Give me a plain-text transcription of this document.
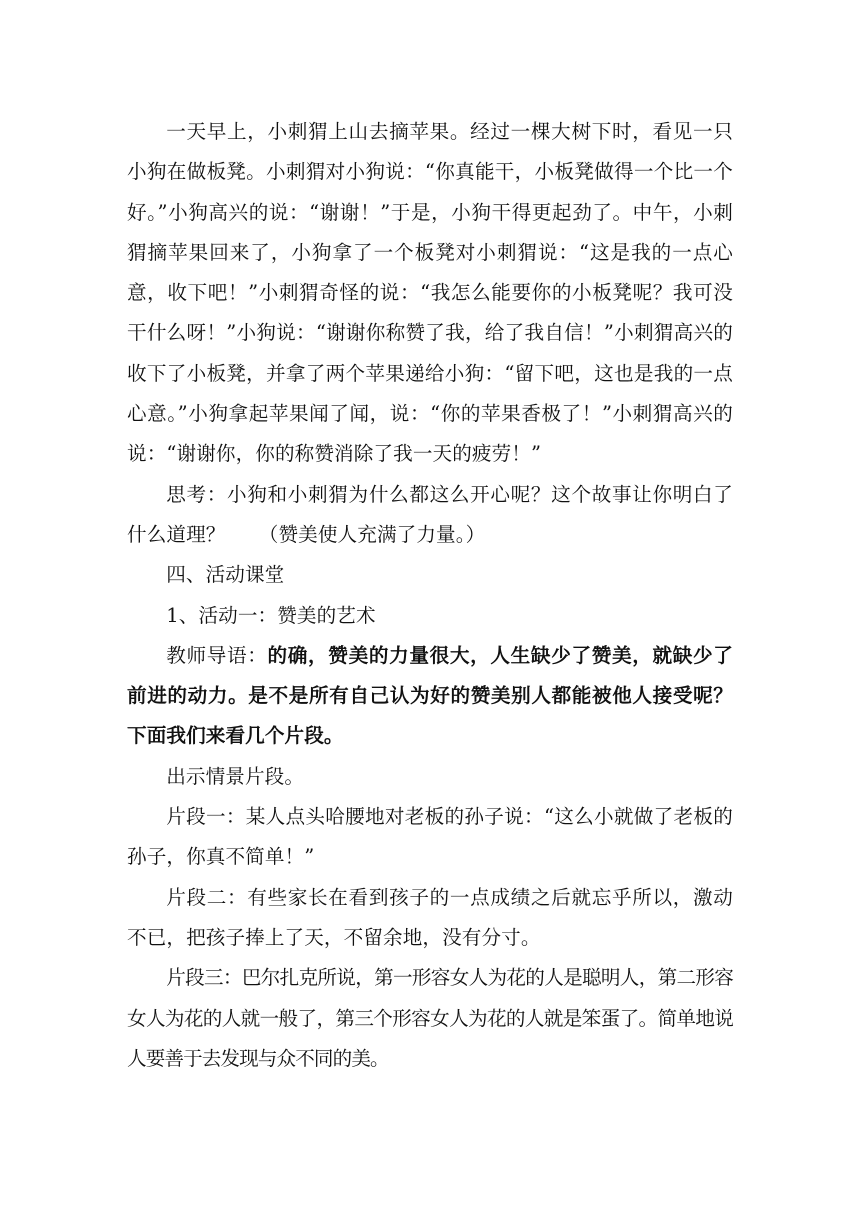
一天早上，小刺猬上山去摘苹果。经过一棵大树下时，看见一只小狗在做板凳。小刺猬对小狗说：“你真能干，小板凳做得一个比一个好。”小狗高兴的说：“谢谢！”于是，小狗干得更起劲了。中午，小刺猬摘苹果回来了，小狗拿了一个板凳对小刺猬说：“这是我的一点心意，收下吧！”小刺猬奇怪的说：“我怎么能要你的小板凳呢？我可没干什么呀！”小狗说：“谢谢你称赞了我，给了我自信！”小刺猬高兴的收下了小板凳，并拿了两个苹果递给小狗：“留下吧，这也是我的一点心意。”小狗拿起苹果闻了闻，说：“你的苹果香极了！”小刺猬高兴的说：“谢谢你，你的称赞消除了我一天的疲劳！”

思考：小狗和小刺猬为什么都这么开心呢？这个故事让你明白了什么道理？ （赞美使人充满了力量。）

四、活动课堂

1、活动一：赞美的艺术

教师导语：的确，赞美的力量很大，人生缺少了赞美，就缺少了前进的动力。是不是所有自己认为好的赞美别人都能被他人接受呢？下面我们来看几个片段。

出示情景片段。

片段一：某人点头哈腰地对老板的孙子说：“这么小就做了老板的孙子，你真不简单！”

片段二：有些家长在看到孩子的一点成绩之后就忘乎所以，激动不已，把孩子捧上了天，不留余地，没有分寸。

片段三：巴尔扎克所说，第一形容女人为花的人是聪明人，第二形容女人为花的人就一般了，第三个形容女人为花的人就是笨蛋了。简单地说人要善于去发现与众不同的美。
